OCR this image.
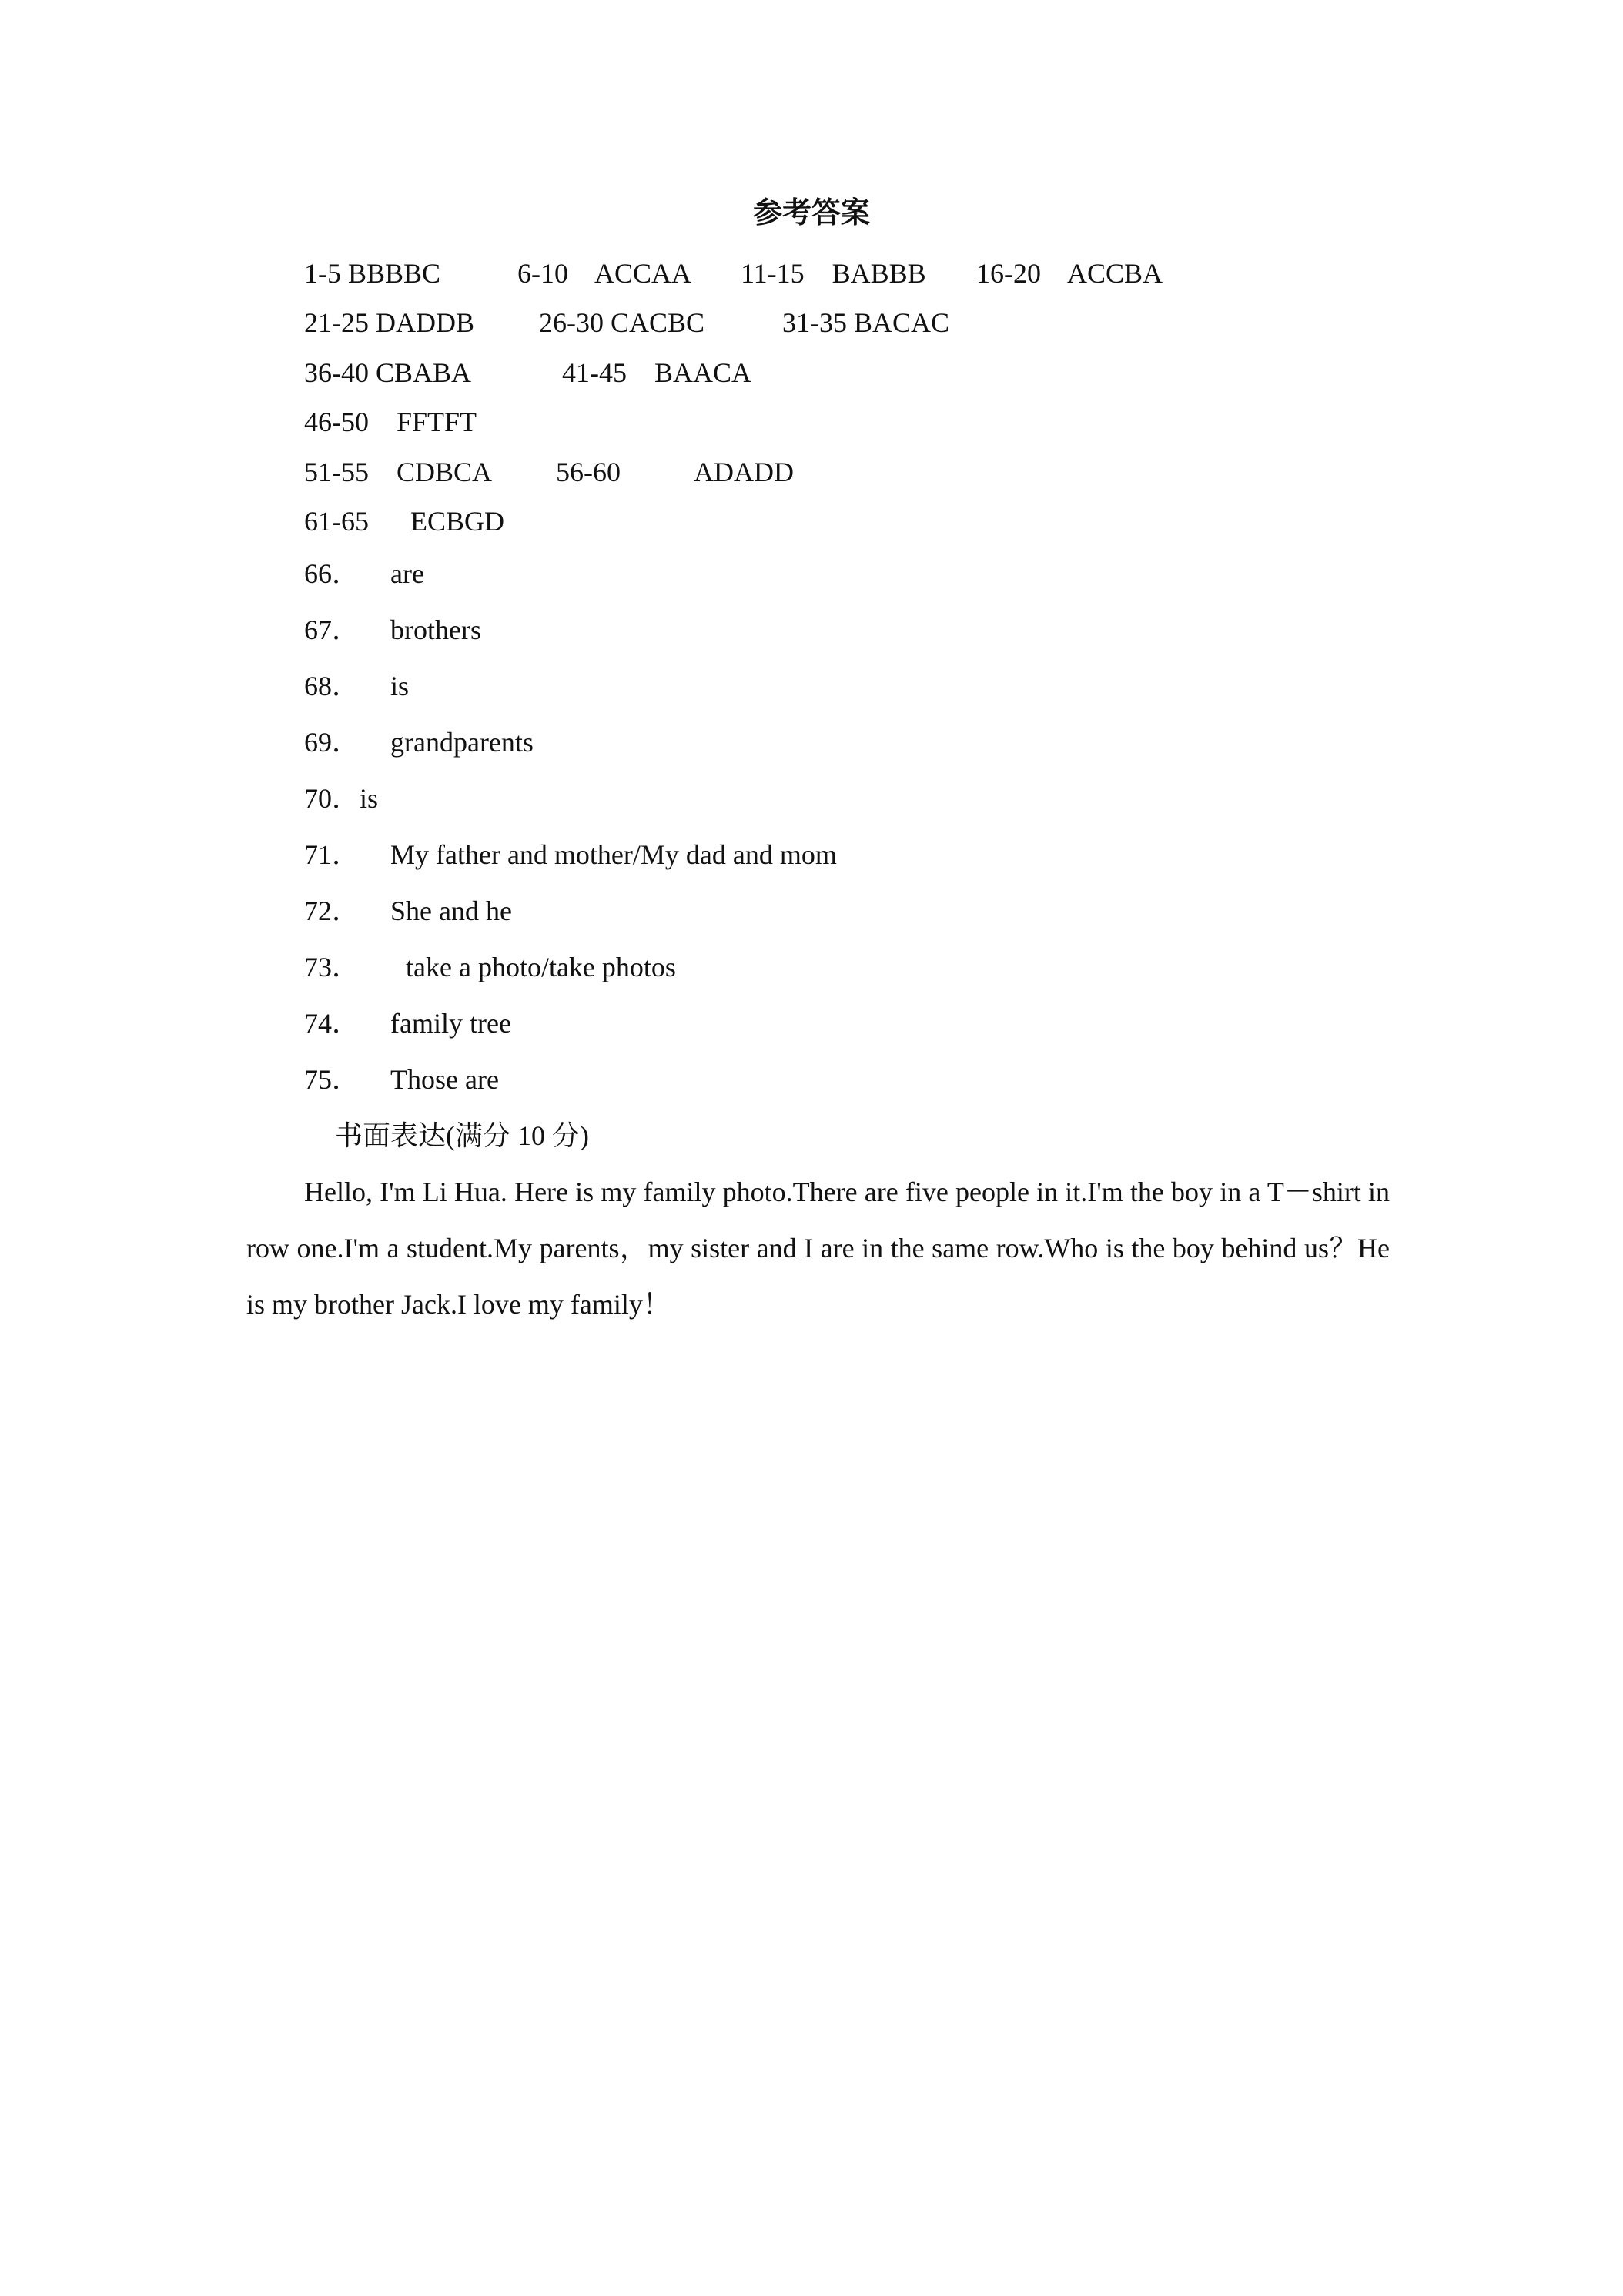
参考答案
1-5 BBBBC	6-10    ACCAA 11-15    BABBB 16-20    ACCBA
21-25 DADDB 26-30 CACBC	31-35 BACAC
36-40 CBABA	41-45    BAACA
46-50    FFTFT
51-55    CDBCA 56-60	ADADD
61-65      ECBGD
66． are
67． brothers
68． is
69． grandparents
70．is
71． My father and mother/My dad and mom
72． She and he
73． take a photo/take photos
74． family tree
75． Those are
书面表达(满分 10 分)
Hello, I'm Li Hua. Here is my family photo.There are five people in it.I'm the boy in a T－shirt in row one.I'm a student.My parents，my sister and I are in the same row.Who is the boy behind us？He is my brother Jack.I love my family！
